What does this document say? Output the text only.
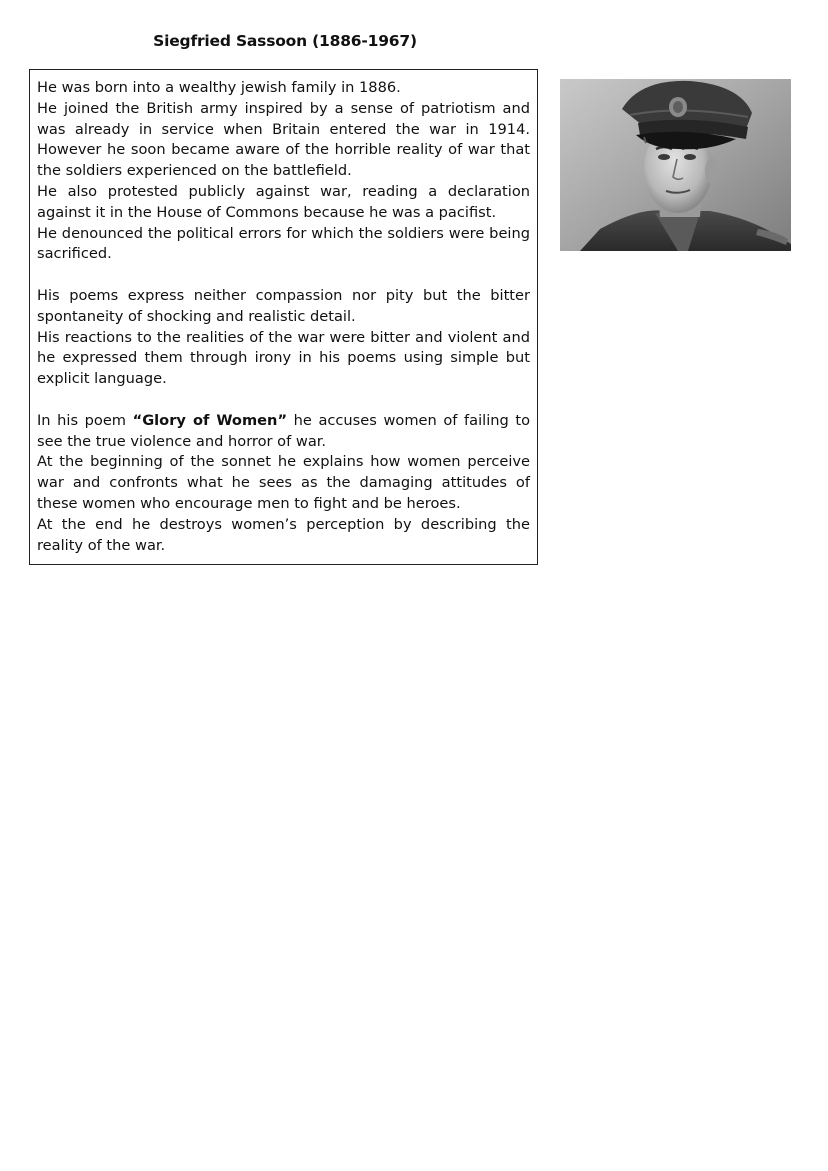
Siegfried Sassoon (1886-1967)

He was born into a wealthy jewish family in 1886.

He joined the British army inspired by a sense of patriotism and was already in service when Britain entered the war in 1914. However he soon became aware of the horrible reality of war that the soldiers experienced on the battlefield.

He also protested publicly against war, reading a declaration against it in the House of Commons because he was a pacifist.

He denounced the political errors for which the soldiers were being sacrificed.

His poems express neither compassion nor pity but the bitter spontaneity of shocking and realistic detail.

His reactions to the realities of the war were bitter and violent and he expressed them through irony in his poems using simple but explicit language.

In his poem “Glory of Women” he accuses women of failing to see the true violence and horror of war.

At the beginning of the sonnet he explains how women perceive war and confronts what he sees as the damaging attitudes of these women who encourage men to fight and be heroes.

At the end he destroys women’s perception by describing the reality of the war.
